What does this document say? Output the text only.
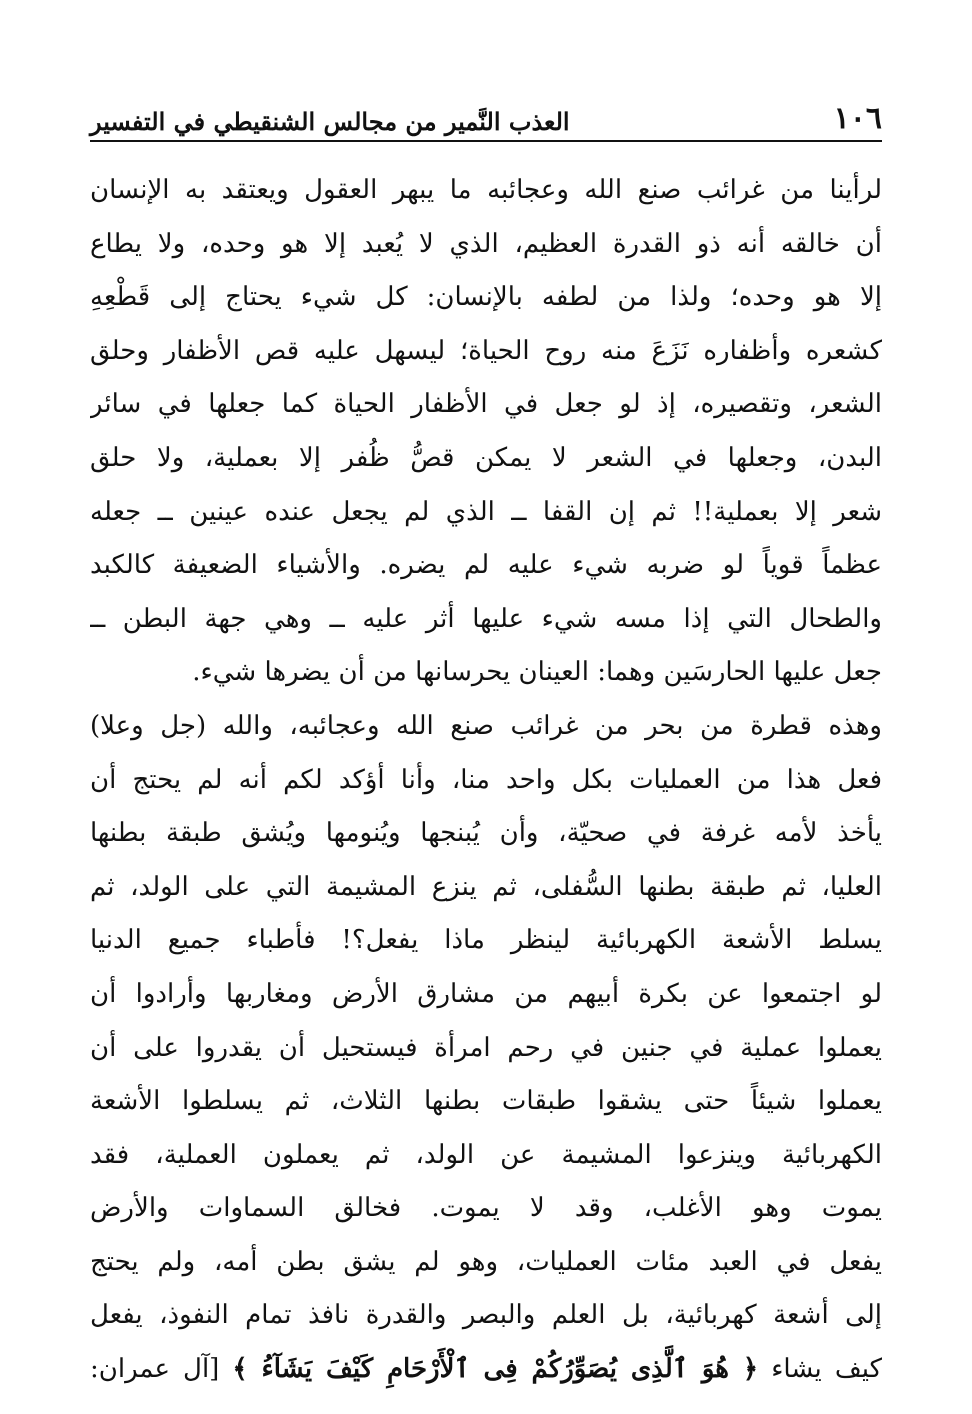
١٠٦
العذب النَّمير من مجالس الشنقيطي في التفسير
لرأينا من غرائب صنع الله وعجائبه ما يبهر العقول ويعتقد به الإنسان
أن خالقه أنه ذو القدرة العظيم، الذي لا يُعبد إلا هو وحده، ولا يطاع
إلا هو وحده؛ ولذا من لطفه بالإنسان: كل شيء يحتاج إلى قَطْعِهِ
كشعره وأظفاره نَزَعَ منه روح الحياة؛ ليسهل عليه قص الأظفار وحلق
الشعر، وتقصيره، إذ لو جعل في الأظفار الحياة كما جعلها في سائر
البدن، وجعلها في الشعر لا يمكن قصُّ ظُفر إلا بعملية، ولا حلق
شعر إلا بعملية!! ثم إن القفا ــ الذي لم يجعل عنده عينين ــ جعله
عظماً قوياً لو ضربه شيء عليه لم يضره. والأشياء الضعيفة كالكبد
والطحال التي إذا مسه شيء عليها أثر عليه ــ وهي جهة البطن ــ
جعل عليها الحارسَين وهما: العينان يحرسانها من أن يضرها شيء.
وهذه قطرة من بحر من غرائب صنع الله وعجائبه، والله (جل وعلا)
فعل هذا من العمليات بكل واحد منا، وأنا أؤكد لكم أنه لم يحتج أن
يأخذ لأمه غرفة في صحيّة، وأن يُبنجها ويُنومها ويُشق طبقة بطنها
العليا، ثم طبقة بطنها السُّفلى، ثم ينزع المشيمة التي على الولد، ثم
يسلط الأشعة الكهربائية لينظر ماذا يفعل؟! فأطباء جميع الدنيا
لو اجتمعوا عن بكرة أبيهم من مشارق الأرض ومغاربها وأرادوا أن
يعملوا عملية في جنين في رحم امرأة فيستحيل أن يقدروا على أن
يعملوا شيئاً حتى يشقوا طبقات بطنها الثلاث، ثم يسلطوا الأشعة
الكهربائية وينزعوا المشيمة عن الولد، ثم يعملون العملية، فقد
يموت وهو الأغلب، وقد لا يموت. فخالق السماوات والأرض
يفعل في العبد مئات العمليات، وهو لم يشق بطن أمه، ولم يحتج
إلى أشعة كهربائية، بل العلم والبصر والقدرة نافذ تمام النفوذ، يفعل
كيف يشاء ﴿ هُوَ ٱلَّذِى يُصَوِّرُكُمْ فِى ٱلْأَرْحَامِ كَيْفَ يَشَآءُ ﴾ [آل عمران:
